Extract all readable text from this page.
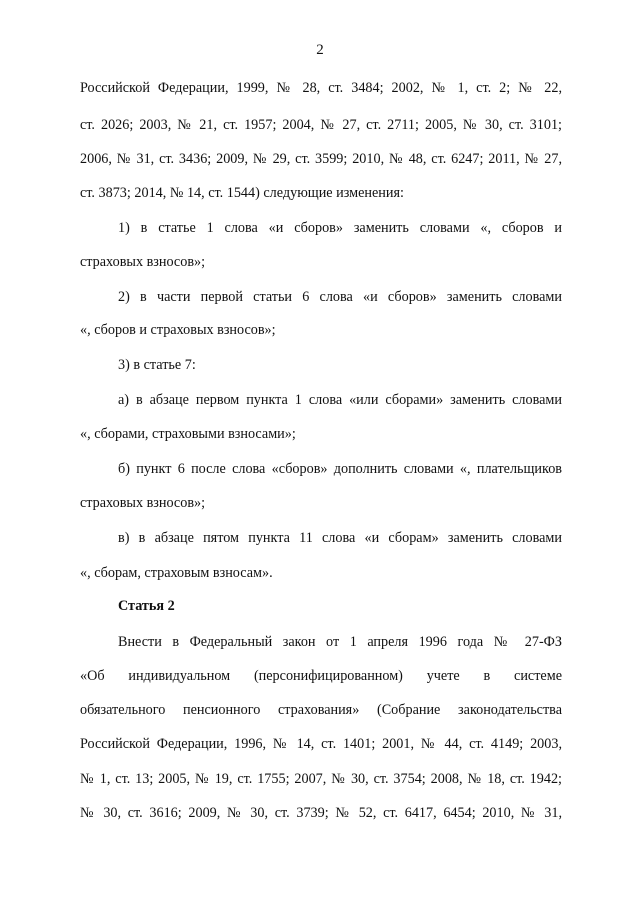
2
Российской Федерации, 1999, № 28, ст. 3484; 2002, № 1, ст. 2; № 22,
ст. 2026; 2003, № 21, ст. 1957; 2004, № 27, ст. 2711; 2005, № 30, ст. 3101;
2006, № 31, ст. 3436; 2009, № 29, ст. 3599; 2010, № 48, ст. 6247; 2011, № 27,
ст. 3873; 2014, № 14, ст. 1544) следующие изменения:
1) в статье 1 слова «и сборов» заменить словами «, сборов и
страховых взносов»;
2) в части первой статьи 6 слова «и сборов» заменить словами
«, сборов и страховых взносов»;
3) в статье 7:
а) в абзаце первом пункта 1 слова «или сборами» заменить словами
«, сборами, страховыми взносами»;
б) пункт 6 после слова «сборов» дополнить словами «, плательщиков
страховых взносов»;
в) в абзаце пятом пункта 11 слова «и сборам» заменить словами
«, сборам, страховым взносам».
Статья 2
Внести в Федеральный закон от 1 апреля 1996 года № 27-ФЗ
«Об индивидуальном (персонифицированном) учете в системе
обязательного пенсионного страхования» (Собрание законодательства
Российской Федерации, 1996, № 14, ст. 1401; 2001, № 44, ст. 4149; 2003,
№ 1, ст. 13; 2005, № 19, ст. 1755; 2007, № 30, ст. 3754; 2008, № 18, ст. 1942;
№ 30, ст. 3616; 2009, № 30, ст. 3739; № 52, ст. 6417, 6454; 2010, № 31,
